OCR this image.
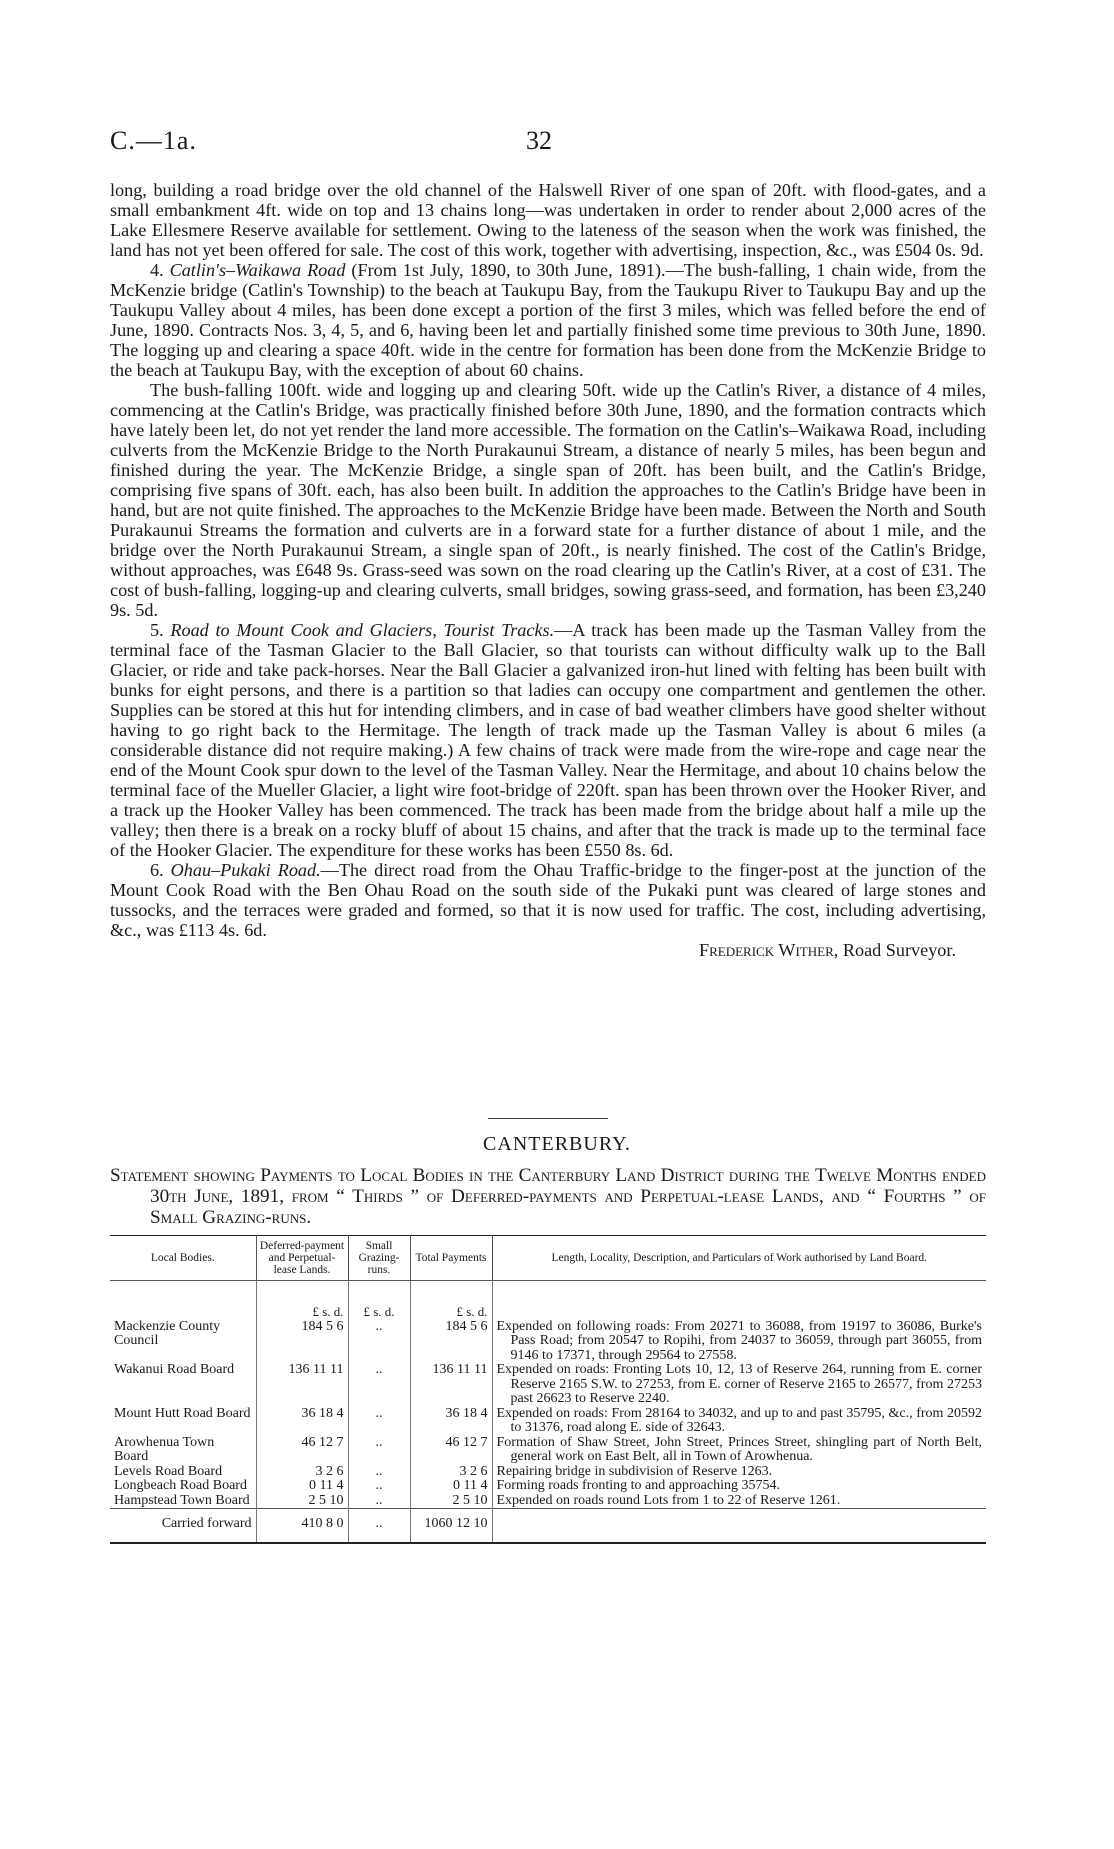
C.—1a.	32

long, building a road bridge over the old channel of the Halswell River of one span of 20ft. with flood-gates, and a small embankment 4ft. wide on top and 13 chains long—was undertaken in order to render about 2,000 acres of the Lake Ellesmere Reserve available for settlement. Owing to the lateness of the season when the work was finished, the land has not yet been offered for sale. The cost of this work, together with advertising, inspection, &c., was £504 0s. 9d.

4. Catlin's–Waikawa Road (From 1st July, 1890, to 30th June, 1891).—The bush-falling, 1 chain wide, from the McKenzie bridge (Catlin's Township) to the beach at Taukupu Bay, from the Taukupu River to Taukupu Bay and up the Taukupu Valley about 4 miles, has been done except a portion of the first 3 miles, which was felled before the end of June, 1890. Contracts Nos. 3, 4, 5, and 6, having been let and partially finished some time previous to 30th June, 1890. The logging up and clearing a space 40ft. wide in the centre for formation has been done from the McKenzie Bridge to the beach at Taukupu Bay, with the exception of about 60 chains.

The bush-falling 100ft. wide and logging up and clearing 50ft. wide up the Catlin's River, a distance of 4 miles, commencing at the Catlin's Bridge, was practically finished before 30th June, 1890, and the formation contracts which have lately been let, do not yet render the land more accessible. The formation on the Catlin's–Waikawa Road, including culverts from the McKenzie Bridge to the North Purakaunui Stream, a distance of nearly 5 miles, has been begun and finished during the year. The McKenzie Bridge, a single span of 20ft. has been built, and the Catlin's Bridge, comprising five spans of 30ft. each, has also been built. In addition the approaches to the Catlin's Bridge have been in hand, but are not quite finished. The approaches to the McKenzie Bridge have been made. Between the North and South Purakaunui Streams the formation and culverts are in a forward state for a further distance of about 1 mile, and the bridge over the North Purakaunui Stream, a single span of 20ft., is nearly finished. The cost of the Catlin's Bridge, without approaches, was £648 9s. Grass-seed was sown on the road clearing up the Catlin's River, at a cost of £31. The cost of bush-falling, logging-up and clearing culverts, small bridges, sowing grass-seed, and formation, has been £3,240 9s. 5d.

5. Road to Mount Cook and Glaciers, Tourist Tracks.—A track has been made up the Tasman Valley from the terminal face of the Tasman Glacier to the Ball Glacier, so that tourists can without difficulty walk up to the Ball Glacier, or ride and take pack-horses. Near the Ball Glacier a galvanized iron-hut lined with felting has been built with bunks for eight persons, and there is a partition so that ladies can occupy one compartment and gentlemen the other. Supplies can be stored at this hut for intending climbers, and in case of bad weather climbers have good shelter without having to go right back to the Hermitage. The length of track made up the Tasman Valley is about 6 miles (a considerable distance did not require making.) A few chains of track were made from the wire-rope and cage near the end of the Mount Cook spur down to the level of the Tasman Valley. Near the Hermitage, and about 10 chains below the terminal face of the Mueller Glacier, a light wire foot-bridge of 220ft. span has been thrown over the Hooker River, and a track up the Hooker Valley has been commenced. The track has been made from the bridge about half a mile up the valley; then there is a break on a rocky bluff of about 15 chains, and after that the track is made up to the terminal face of the Hooker Glacier. The expenditure for these works has been £550 8s. 6d.

6. Ohau–Pukaki Road.—The direct road from the Ohau Traffic-bridge to the finger-post at the junction of the Mount Cook Road with the Ben Ohau Road on the south side of the Pukaki punt was cleared of large stones and tussocks, and the terraces were graded and formed, so that it is now used for traffic. The cost, including advertising, &c., was £113 4s. 6d.

Frederick Wither, Road Surveyor.
CANTERBURY.
Statement showing Payments to Local Bodies in the Canterbury Land District during the Twelve Months ended 30th June, 1891, from “ Thirds ” of Deferred-payments and Perpetual-lease Lands, and “ Fourths ” of Small Grazing-runs.
Local Bodies.	Deferred-payment and Perpetual-lease Lands.	Small Grazing-runs.	Total Payments	Length, Locality, Description, and Particulars of Work authorised by Land Board.
	£ s. d.	£ s. d.	£ s. d.	
Mackenzie County Council	184 5 6	..	184 5 6	Expended on following roads: From 20271 to 36088, from 19197 to 36086, Burke's Pass Road; from 20547 to Ropihi, from 24037 to 36059, through part 36055, from 9146 to 17371, through 29564 to 27558.

Wakanui Road Board	136 11 11	..	136 11 11	Expended on roads: Fronting Lots 10, 12, 13 of Reserve 264, running from E. corner Reserve 2165 S.W. to 27253, from E. corner of Reserve 2165 to 26577, from 27253 past 26623 to Reserve 2240.

Mount Hutt Road Board	36 18 4	..	36 18 4	Expended on roads: From 28164 to 34032, and up to and past 35795, &c., from 20592 to 31376, road along E. side of 32643.

Arowhenua Town Board	46 12 7	..	46 12 7	Formation of Shaw Street, John Street, Princes Street, shingling part of North Belt, general work on East Belt, all in Town of Arowhenua.

Levels Road Board	3 2 6	..	3 2 6	Repairing bridge in subdivision of Reserve 1263.

Longbeach Road Board	0 11 4	..	0 11 4	Forming roads fronting to and approaching 35754.

Hampstead Town Board	2 5 10	..	2 5 10	Expended on roads round Lots from 1 to 22 of Reserve 1261.

Carried forward	410 8 0	..	1060 12 10	
